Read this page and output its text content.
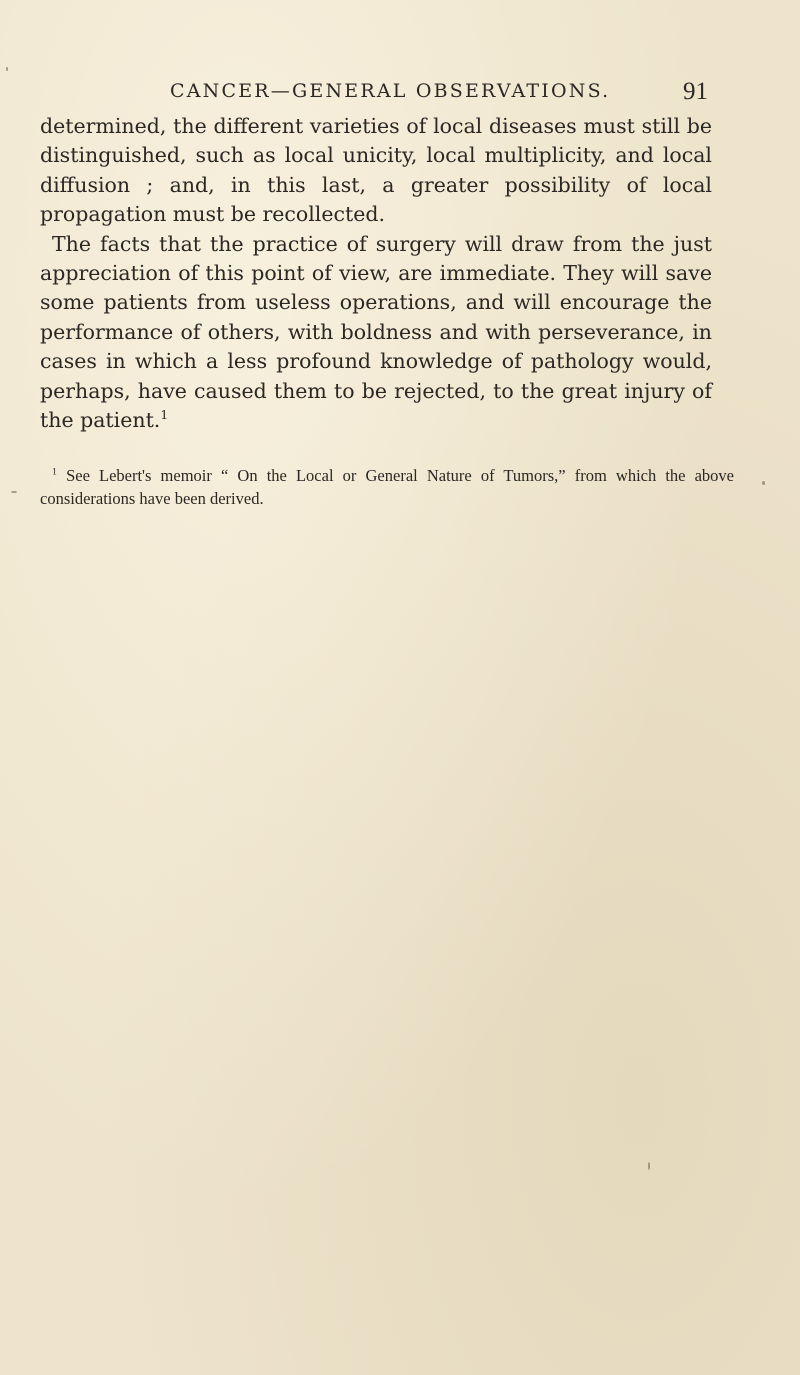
CANCER—GENERAL OBSERVATIONS.	91

determined, the different varieties of local diseases must still be distinguished, such as local unicity, local multiplicity, and local diffusion ; and, in this last, a greater possibility of local propagation must be recollected.

The facts that the practice of surgery will draw from the just appreciation of this point of view, are immediate. They will save some patients from useless operations, and will encourage the performance of others, with boldness and with perseverance, in cases in which a less profound knowledge of pathology would, perhaps, have caused them to be rejected, to the great injury of the patient.$^1$

$^1$ See Lebert's memoir “ On the Local or General Nature of Tumors,” from which the above considerations have been derived.
